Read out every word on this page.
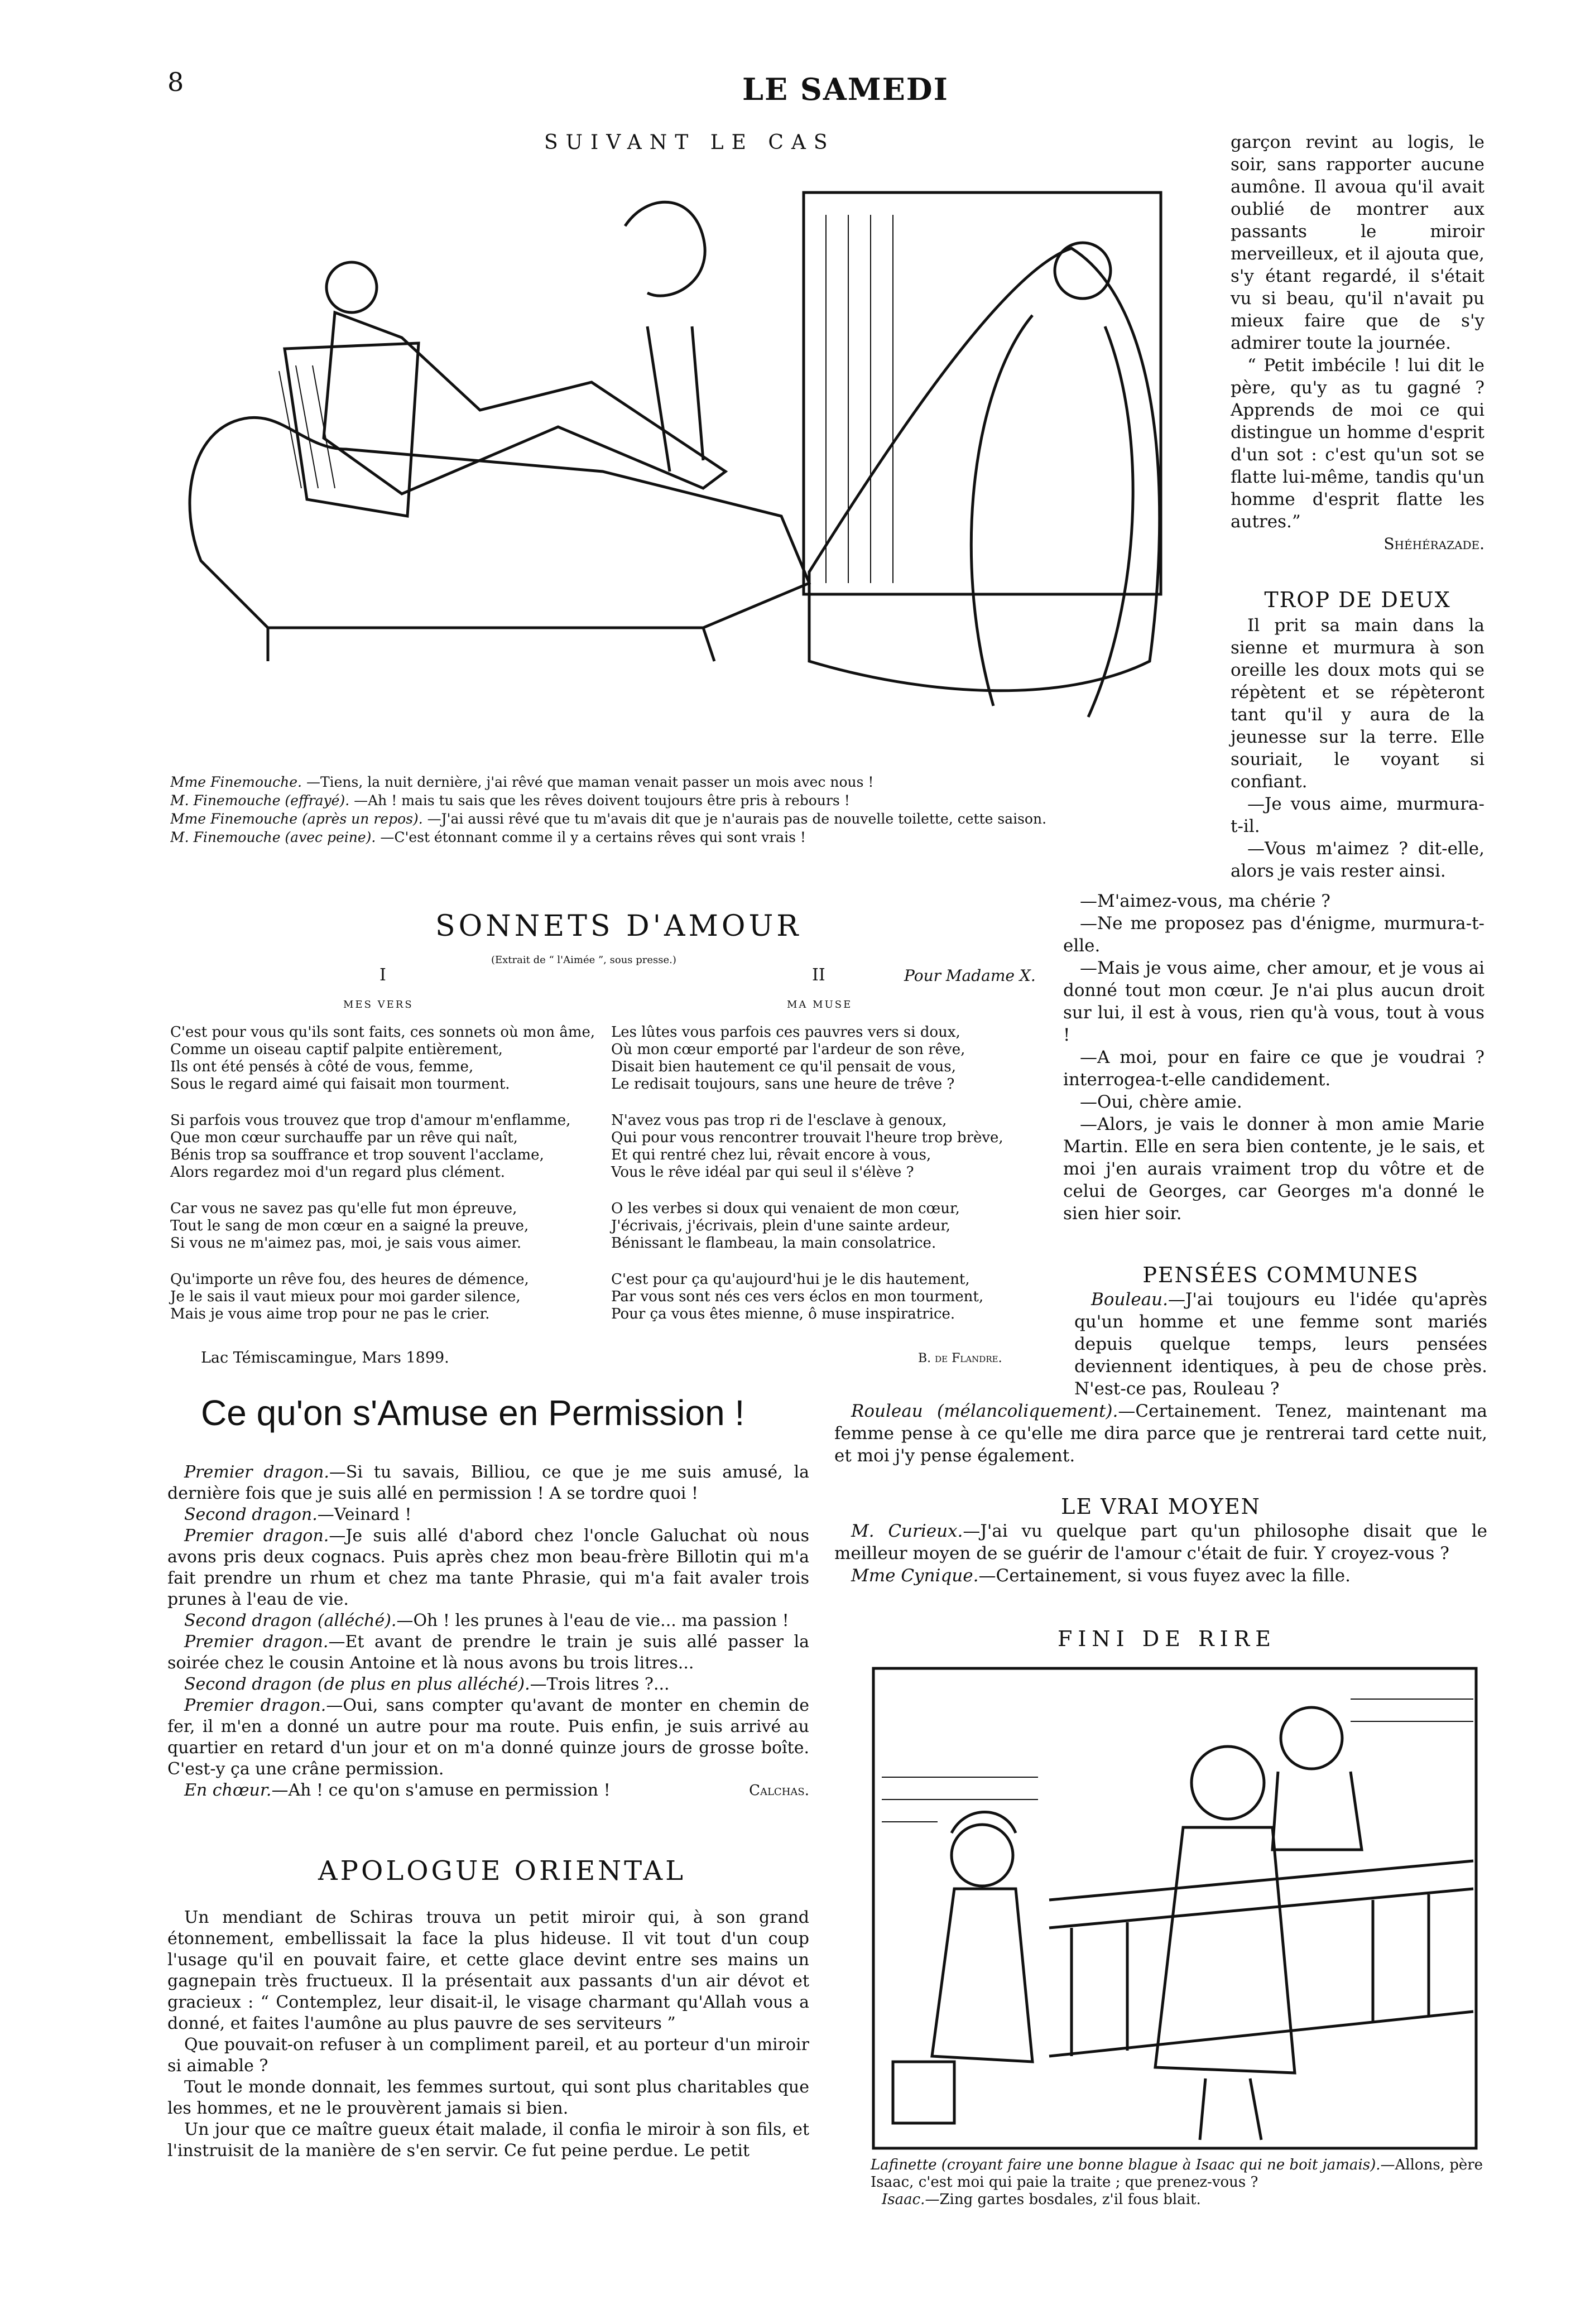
8	LE SAMEDI
SUIVANT LE CAS

Mme Finemouche. —Tiens, la nuit dernière, j'ai rêvé que maman venait passer un mois avec nous !

M. Finemouche (effrayé). —Ah ! mais tu sais que les rêves doivent toujours être pris à rebours !

Mme Finemouche (après un repos). —J'ai aussi rêvé que tu m'avais dit que je n'aurais pas de nouvelle toilette, cette saison.

M. Finemouche (avec peine). —C'est étonnant comme il y a certains rêves qui sont vrais !

garçon revint au logis, le soir, sans rapporter aucune aumône. Il avoua qu'il avait oublié de montrer aux passants le miroir merveilleux, et il ajouta que, s'y étant regardé, il s'était vu si beau, qu'il n'avait pu mieux faire que de s'y admirer toute la journée.

“ Petit imbécile ! lui dit le père, qu'y as tu gagné ? Apprends de moi ce qui distingue un homme d'esprit d'un sot : c'est qu'un sot se flatte lui-même, tandis qu'un homme d'esprit flatte les autres.”

Shéhérazade.

TROP DE DEUX

Il prit sa main dans la sienne et murmura à son oreille les doux mots qui se répètent et se répèteront tant qu'il y aura de la jeunesse sur la terre. Elle souriait, le voyant si confiant.

—Je vous aime, murmura-t-il.

—Vous m'aimez ? dit-elle, alors je vais rester ainsi.

—M'aimez-vous, ma chérie ?

—Ne me proposez pas d'énigme, murmura-t-elle.

—Mais je vous aime, cher amour, et je vous ai donné tout mon cœur. Je n'ai plus aucun droit sur lui, il est à vous, rien qu'à vous, tout à vous !

—A moi, pour en faire ce que je voudrai ? interrogea-t-elle candidement.

—Oui, chère amie.

—Alors, je vais le donner à mon amie Marie Martin. Elle en sera bien contente, je le sais, et moi j'en aurais vraiment trop du vôtre et de celui de Georges, car Georges m'a donné le sien hier soir.

PENSÉES COMMUNES

Bouleau.—J'ai toujours eu l'idée qu'après qu'un homme et une femme sont mariés depuis quelque temps, leurs pensées deviennent identiques, à peu de chose près. N'est-ce pas, Rouleau ?

Rouleau (mélancoliquement).—Certainement. Tenez, maintenant ma femme pense à ce qu'elle me dira parce que je rentrerai tard cette nuit, et moi j'y pense également.

LE VRAI MOYEN

M. Curieux.—J'ai vu quelque part qu'un philosophe disait que le meilleur moyen de se guérir de l'amour c'était de fuir. Y croyez-vous ?

Mme Cynique.—Certainement, si vous fuyez avec la fille.

SONNETS D'AMOUR
(Extrait de “ l'Aimée ”, sous presse.)
I
MES VERS
C'est pour vous qu'ils sont faits, ces sonnets où mon âme,
Comme un oiseau captif palpite entièrement,
Ils ont été pensés à côté de vous, femme,
Sous le regard aimé qui faisait mon tourment.
Si parfois vous trouvez que trop d'amour m'enflamme,
Que mon cœur surchauffe par un rêve qui naît,
Bénis trop sa souffrance et trop souvent l'acclame,
Alors regardez moi d'un regard plus clément.
Car vous ne savez pas qu'elle fut mon épreuve,
Tout le sang de mon cœur en a saigné la preuve,
Si vous ne m'aimez pas, moi, je sais vous aimer.
Qu'importe un rêve fou, des heures de démence,
Je le sais il vaut mieux pour moi garder silence,
Mais je vous aime trop pour ne pas le crier.
Lac Témiscamingue, Mars 1899.
II	Pour Madame X.
MA MUSE
Les lûtes vous parfois ces pauvres vers si doux,
Où mon cœur emporté par l'ardeur de son rêve,
Disait bien hautement ce qu'il pensait de vous,
Le redisait toujours, sans une heure de trêve ?
N'avez vous pas trop ri de l'esclave à genoux,
Qui pour vous rencontrer trouvait l'heure trop brève,
Et qui rentré chez lui, rêvait encore à vous,
Vous le rêve idéal par qui seul il s'élève ?
O les verbes si doux qui venaient de mon cœur,
J'écrivais, j'écrivais, plein d'une sainte ardeur,
Bénissant le flambeau, la main consolatrice.
C'est pour ça qu'aujourd'hui je le dis hautement,
Par vous sont nés ces vers éclos en mon tourment,
Pour ça vous êtes mienne, ô muse inspiratrice.
B. de Flandre.
Ce qu'on s'Amuse en Permission !

Premier dragon.—Si tu savais, Billiou, ce que je me suis amusé, la dernière fois que je suis allé en permission ! A se tordre quoi !

Second dragon.—Veinard !

Premier dragon.—Je suis allé d'abord chez l'oncle Galuchat où nous avons pris deux cognacs. Puis après chez mon beau-frère Billotin qui m'a fait prendre un rhum et chez ma tante Phrasie, qui m'a fait avaler trois prunes à l'eau de vie.

Second dragon (alléché).—Oh ! les prunes à l'eau de vie... ma passion !

Premier dragon.—Et avant de prendre le train je suis allé passer la soirée chez le cousin Antoine et là nous avons bu trois litres...

Second dragon (de plus en plus alléché).—Trois litres ?...

Premier dragon.—Oui, sans compter qu'avant de monter en chemin de fer, il m'en a donné un autre pour ma route. Puis enfin, je suis arrivé au quartier en retard d'un jour et on m'a donné quinze jours de grosse boîte. C'est-y ça une crâne permission.

En chœur.—Ah ! ce qu'on s'amuse en permission !	Calchas.

APOLOGUE ORIENTAL

Un mendiant de Schiras trouva un petit miroir qui, à son grand étonnement, embellissait la face la plus hideuse. Il vit tout d'un coup l'usage qu'il en pouvait faire, et cette glace devint entre ses mains un gagnepain très fructueux. Il la présentait aux passants d'un air dévot et gracieux : “ Contemplez, leur disait-il, le visage charmant qu'Allah vous a donné, et faites l'aumône au plus pauvre de ses serviteurs ”

Que pouvait-on refuser à un compliment pareil, et au porteur d'un miroir si aimable ?

Tout le monde donnait, les femmes surtout, qui sont plus charitables que les hommes, et ne le prouvèrent jamais si bien.

Un jour que ce maître gueux était malade, il confia le miroir à son fils, et l'instruisit de la manière de s'en servir. Ce fut peine perdue. Le petit

FINI DE RIRE

Lafinette (croyant faire une bonne blague à Isaac qui ne boit jamais).—Allons, père Isaac, c'est moi qui paie la traite ; que prenez-vous ?

Isaac.—Zing gartes bosdales, z'il fous blait.
